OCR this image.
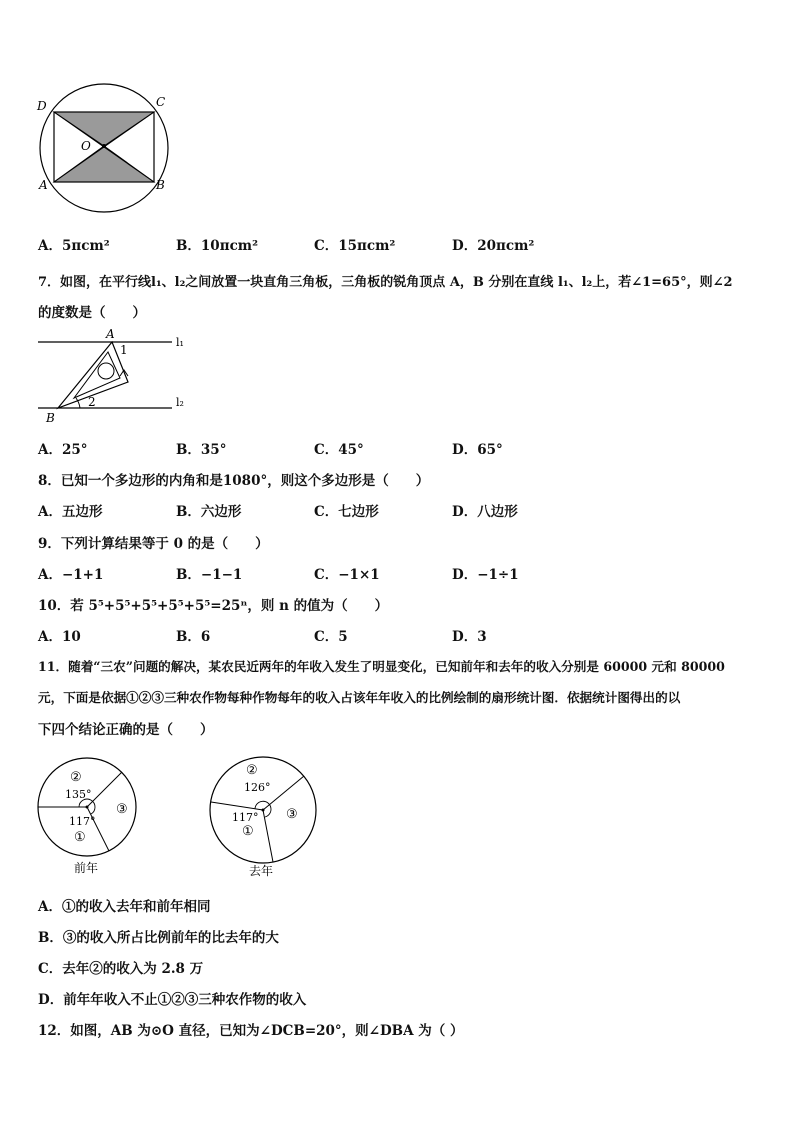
D	C
O
A	B
A．5πcm²	B．10πcm²	C．15πcm²	D．20πcm²
7．如图，在平行线l₁、l₂之间放置一块直角三角板，三角板的锐角顶点 A，B 分别在直线 l₁、l₂上，若∠1=65°，则∠2
的度数是（　　）
A
1
2
B
l₁
l₂
A．25°	B．35°	C．45°	D．65°
8．已知一个多边形的内角和是1080°，则这个多边形是（　　）
A．五边形	B．六边形	C．七边形	D．八边形
9．下列计算结果等于 0 的是（　　）
A．−1+1	B．−1−1	C．−1×1	D．−1÷1
10．若 5⁵+5⁵+5⁵+5⁵+5⁵=25ⁿ，则 n 的值为（　　）
A．10	B．6	C．5	D．3
11．随着“三农”问题的解决，某农民近两年的年收入发生了明显变化，已知前年和去年的收入分别是 60000 元和 80000
元，下面是依据①②③三种农作物每种作物每年的收入占该年年收入的比例绘制的扇形统计图．依据统计图得出的以
下四个结论正确的是（　　）
②
135°
③
117°
①
前年
②
126°
③
117°
①
去年
A．①的收入去年和前年相同
B．③的收入所占比例前年的比去年的大
C．去年②的收入为 2.8 万
D．前年年收入不止①②③三种农作物的收入
12．如图，AB 为⊙O 直径，已知为∠DCB=20°，则∠DBA 为（ ）
